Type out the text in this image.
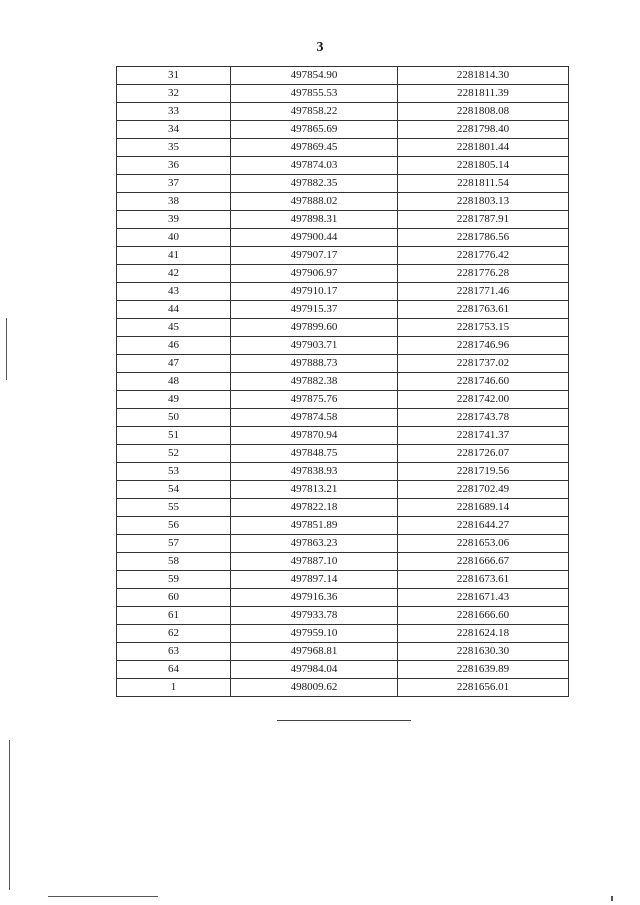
3
31	497854.90	2281814.30
32	497855.53	2281811.39
33	497858.22	2281808.08
34	497865.69	2281798.40
35	497869.45	2281801.44
36	497874.03	2281805.14
37	497882.35	2281811.54
38	497888.02	2281803.13
39	497898.31	2281787.91
40	497900.44	2281786.56
41	497907.17	2281776.42
42	497906.97	2281776.28
43	497910.17	2281771.46
44	497915.37	2281763.61
45	497899.60	2281753.15
46	497903.71	2281746.96
47	497888.73	2281737.02
48	497882.38	2281746.60
49	497875.76	2281742.00
50	497874.58	2281743.78
51	497870.94	2281741.37
52	497848.75	2281726.07
53	497838.93	2281719.56
54	497813.21	2281702.49
55	497822.18	2281689.14
56	497851.89	2281644.27
57	497863.23	2281653.06
58	497887.10	2281666.67
59	497897.14	2281673.61
60	497916.36	2281671.43
61	497933.78	2281666.60
62	497959.10	2281624.18
63	497968.81	2281630.30
64	497984.04	2281639.89
1	498009.62	2281656.01
